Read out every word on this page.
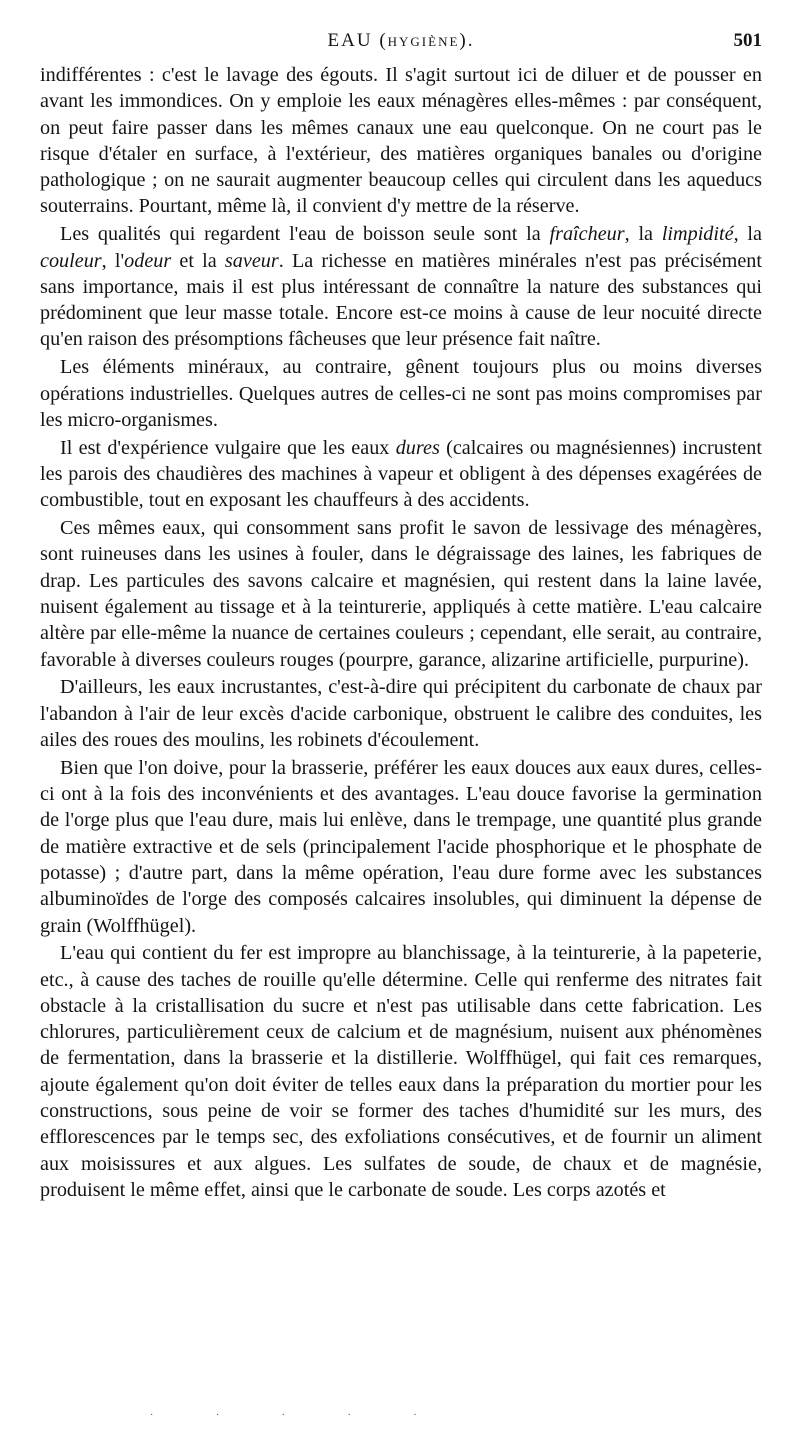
EAU (HYGIÈNE).	501

indifférentes : c'est le lavage des égouts. Il s'agit surtout ici de diluer et de pousser en avant les immondices. On y emploie les eaux ménagères elles-mêmes : par conséquent, on peut faire passer dans les mêmes canaux une eau quelconque. On ne court pas le risque d'étaler en surface, à l'extérieur, des matières organiques banales ou d'origine pathologique ; on ne saurait augmenter beaucoup celles qui circulent dans les aqueducs souterrains. Pourtant, même là, il convient d'y mettre de la réserve.

Les qualités qui regardent l'eau de boisson seule sont la fraîcheur, la limpidité, la couleur, l'odeur et la saveur. La richesse en matières minérales n'est pas précisément sans importance, mais il est plus intéressant de connaître la nature des substances qui prédominent que leur masse totale. Encore est-ce moins à cause de leur nocuité directe qu'en raison des présomptions fâcheuses que leur présence fait naître.

Les éléments minéraux, au contraire, gênent toujours plus ou moins diverses opérations industrielles. Quelques autres de celles-ci ne sont pas moins compromises par les micro-organismes.

Il est d'expérience vulgaire que les eaux dures (calcaires ou magnésiennes) incrustent les parois des chaudières des machines à vapeur et obligent à des dépenses exagérées de combustible, tout en exposant les chauffeurs à des accidents.

Ces mêmes eaux, qui consomment sans profit le savon de lessivage des ménagères, sont ruineuses dans les usines à fouler, dans le dégraissage des laines, les fabriques de drap. Les particules des savons calcaire et magnésien, qui restent dans la laine lavée, nuisent également au tissage et à la teinturerie, appliqués à cette matière. L'eau calcaire altère par elle-même la nuance de certaines couleurs ; cependant, elle serait, au contraire, favorable à diverses couleurs rouges (pourpre, garance, alizarine artificielle, purpurine).

D'ailleurs, les eaux incrustantes, c'est-à-dire qui précipitent du carbonate de chaux par l'abandon à l'air de leur excès d'acide carbonique, obstruent le calibre des conduites, les ailes des roues des moulins, les robinets d'écoulement.

Bien que l'on doive, pour la brasserie, préférer les eaux douces aux eaux dures, celles-ci ont à la fois des inconvénients et des avantages. L'eau douce favorise la germination de l'orge plus que l'eau dure, mais lui enlève, dans le trempage, une quantité plus grande de matière extractive et de sels (principalement l'acide phosphorique et le phosphate de potasse) ; d'autre part, dans la même opération, l'eau dure forme avec les substances albuminoïdes de l'orge des composés calcaires insolubles, qui diminuent la dépense de grain (Wolffhügel).

L'eau qui contient du fer est impropre au blanchissage, à la teinturerie, à la papeterie, etc., à cause des taches de rouille qu'elle détermine. Celle qui renferme des nitrates fait obstacle à la cristallisation du sucre et n'est pas utilisable dans cette fabrication. Les chlorures, particulièrement ceux de calcium et de magnésium, nuisent aux phénomènes de fermentation, dans la brasserie et la distillerie. Wolffhügel, qui fait ces remarques, ajoute également qu'on doit éviter de telles eaux dans la préparation du mortier pour les constructions, sous peine de voir se former des taches d'humidité sur les murs, des efflorescences par le temps sec, des exfoliations consécutives, et de fournir un aliment aux moisissures et aux algues. Les sulfates de soude, de chaux et de magnésie, produisent le même effet, ainsi que le carbonate de soude. Les corps azotés et

· · · · ·
